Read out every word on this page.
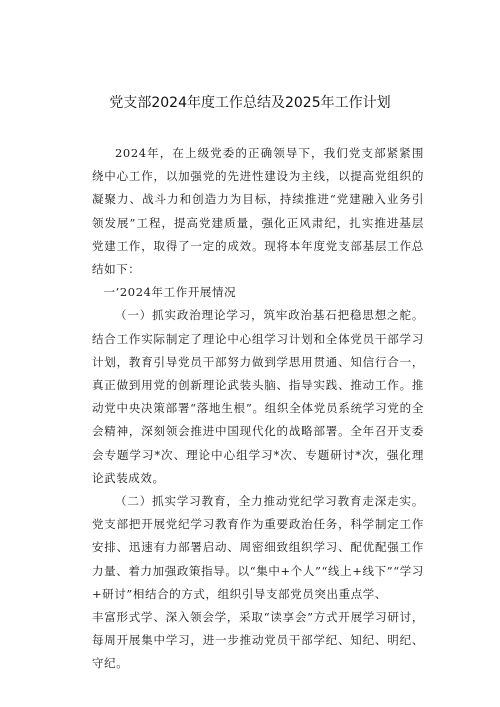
党支部2024年度工作总结及2025年工作计划

2024年，在上级党委的正确领导下，我们党支部紧紧围绕中心工作，以加强党的先进性建设为主线，以提高党组织的凝聚力、战斗力和创造力为目标，持续推进“党建融入业务引领发展”工程，提高党建质量，强化正风肃纪，扎实推进基层党建工作，取得了一定的成效。现将本年度党支部基层工作总结如下：

一’2024年工作开展情况

（一）抓实政治理论学习，筑牢政治基石把稳思想之舵。结合工作实际制定了理论中心组学习计划和全体党员干部学习计划，教育引导党员干部努力做到学思用贯通、知信行合一，真正做到用党的创新理论武装头脑、指导实践、推动工作。推动党中央决策部署“落地生根”。组织全体党员系统学习党的全会精神，深刻领会推进中国现代化的战略部署。全年召开支委会专题学习*次、理论中心组学习*次、专题研讨*次，强化理论武装成效。

（二）抓实学习教育，全力推动党纪学习教育走深走实。党支部把开展党纪学习教育作为重要政治任务，科学制定工作安排、迅速有力部署启动、周密细致组织学习、配优配强工作力量、着力加强政策指导。以“集中+个人”“线上+线下”“学习+研讨”相结合的方式，组织引导支部党员突出重点学、

丰富形式学、深入领会学，采取“读享会”方式开展学习研讨，每周开展集中学习，进一步推动党员干部学纪、知纪、明纪、守纪。
